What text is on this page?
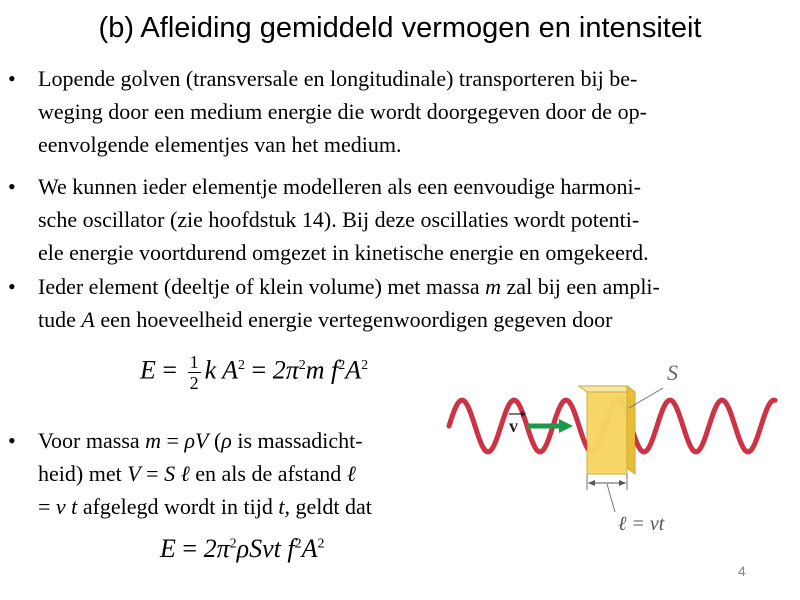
(b) Afleiding gemiddeld vermogen en intensiteit
•	Lopende golven (transversale en longitudinale) transporteren bij be-
weging door een medium energie die wordt doorgegeven door de op-
eenvolgende elementjes van het medium.
•	We kunnen ieder elementje modelleren als een eenvoudige harmoni-
sche oscillator (zie hoofdstuk 14). Bij deze oscillaties wordt potenti-
ele energie voortdurend omgezet in kinetische energie en omgekeerd.
•	Ieder element (deeltje of klein volume) met massa m zal bij een ampli-
tude A een hoeveelheid energie vertegenwoordigen gegeven door
$E = \frac{1}{2}$ k $A^2 = 2\pi^2m$ $f^2A^2$
•	Voor massa m = ρV (ρ is massadicht-
heid) met V = S ℓ en als de afstand ℓ
= v t afgelegd wordt in tijd t, geldt dat
$E = 2\pi^2\rho Svt$ $f^2A^2$
S
v
ℓ = vt
4
